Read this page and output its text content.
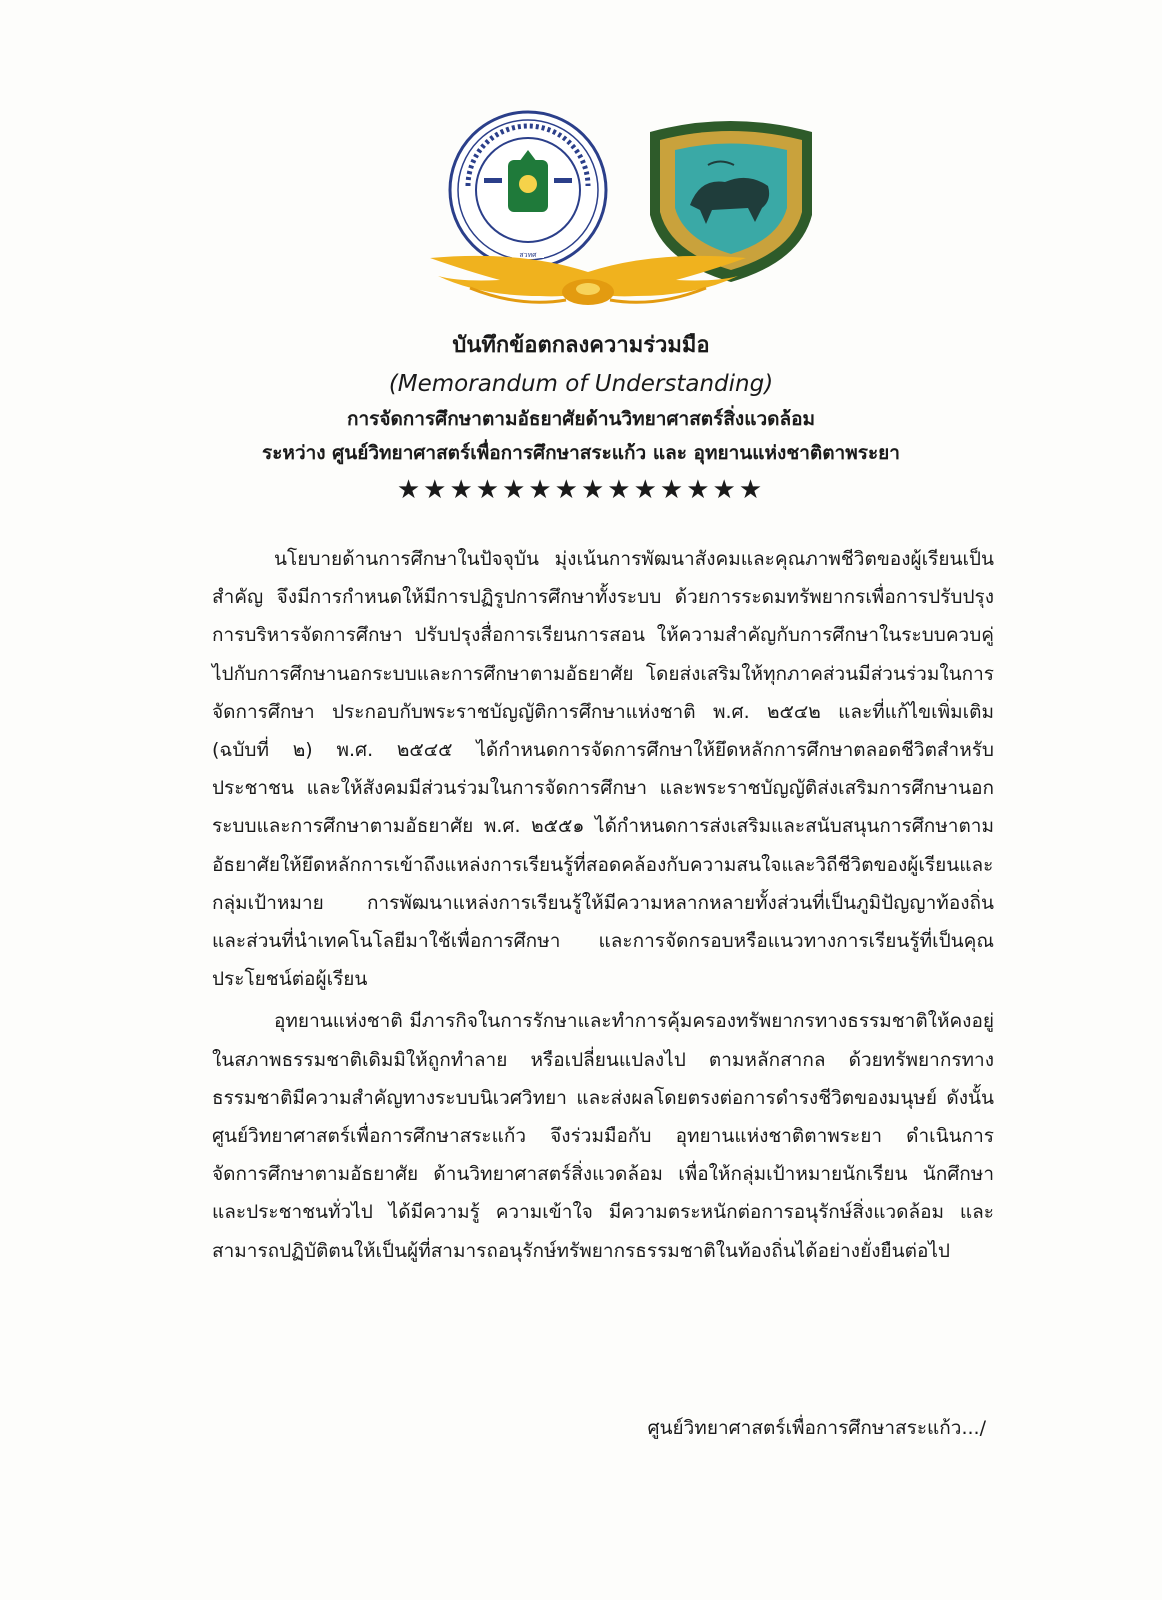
สวทศ
บันทึกข้อตกลงความร่วมมือ
(Memorandum of Understanding)
การจัดการศึกษาตามอัธยาศัยด้านวิทยาศาสตร์สิ่งแวดล้อม
ระหว่าง ศูนย์วิทยาศาสตร์เพื่อการศึกษาสระแก้ว และ อุทยานแห่งชาติตาพระยา
★★★★★★★★★★★★★★

นโยบายด้านการศึกษาในปัจจุบัน มุ่งเน้นการพัฒนาสังคมและคุณภาพชีวิตของผู้เรียนเป็นสำคัญ จึงมีการกำหนดให้มีการปฏิรูปการศึกษาทั้งระบบ ด้วยการระดมทรัพยากรเพื่อการปรับปรุงการบริหารจัดการศึกษา ปรับปรุงสื่อการเรียนการสอน ให้ความสำคัญกับการศึกษาในระบบควบคู่ไปกับการศึกษานอกระบบและการศึกษาตามอัธยาศัย โดยส่งเสริมให้ทุกภาคส่วนมีส่วนร่วมในการจัดการศึกษา ประกอบกับพระราชบัญญัติการศึกษาแห่งชาติ พ.ศ. ๒๕๔๒ และที่แก้ไขเพิ่มเติม (ฉบับที่ ๒) พ.ศ. ๒๕๔๕ ได้กำหนดการจัดการศึกษาให้ยึดหลักการศึกษาตลอดชีวิตสำหรับประชาชน และให้สังคมมีส่วนร่วมในการจัดการศึกษา และพระราชบัญญัติส่งเสริมการศึกษานอกระบบและการศึกษาตามอัธยาศัย พ.ศ. ๒๕๕๑ ได้กำหนดการส่งเสริมและสนับสนุนการศึกษาตามอัธยาศัยให้ยึดหลักการเข้าถึงแหล่งการเรียนรู้ที่สอดคล้องกับความสนใจและวิถีชีวิตของผู้เรียนและกลุ่มเป้าหมาย การพัฒนาแหล่งการเรียนรู้ให้มีความหลากหลายทั้งส่วนที่เป็นภูมิปัญญาท้องถิ่น และส่วนที่นำเทคโนโลยีมาใช้เพื่อการศึกษา และการจัดกรอบหรือแนวทางการเรียนรู้ที่เป็นคุณประโยชน์ต่อผู้เรียน

อุทยานแห่งชาติ มีภารกิจในการรักษาและทำการคุ้มครองทรัพยากรทางธรรมชาติให้คงอยู่ในสภาพธรรมชาติเดิมมิให้ถูกทำลาย หรือเปลี่ยนแปลงไป ตามหลักสากล ด้วยทรัพยากรทางธรรมชาติมีความสำคัญทางระบบนิเวศวิทยา และส่งผลโดยตรงต่อการดำรงชีวิตของมนุษย์ ดังนั้น ศูนย์วิทยาศาสตร์เพื่อการศึกษาสระแก้ว จึงร่วมมือกับ อุทยานแห่งชาติตาพระยา ดำเนินการจัดการศึกษาตามอัธยาศัย ด้านวิทยาศาสตร์สิ่งแวดล้อม เพื่อให้กลุ่มเป้าหมายนักเรียน นักศึกษา และประชาชนทั่วไป ได้มีความรู้ ความเข้าใจ มีความตระหนักต่อการอนุรักษ์สิ่งแวดล้อม และสามารถปฏิบัติตนให้เป็นผู้ที่สามารถอนุรักษ์ทรัพยากรธรรมชาติในท้องถิ่นได้อย่างยั่งยืนต่อไป

ศูนย์วิทยาศาสตร์เพื่อการศึกษาสระแก้ว.../
